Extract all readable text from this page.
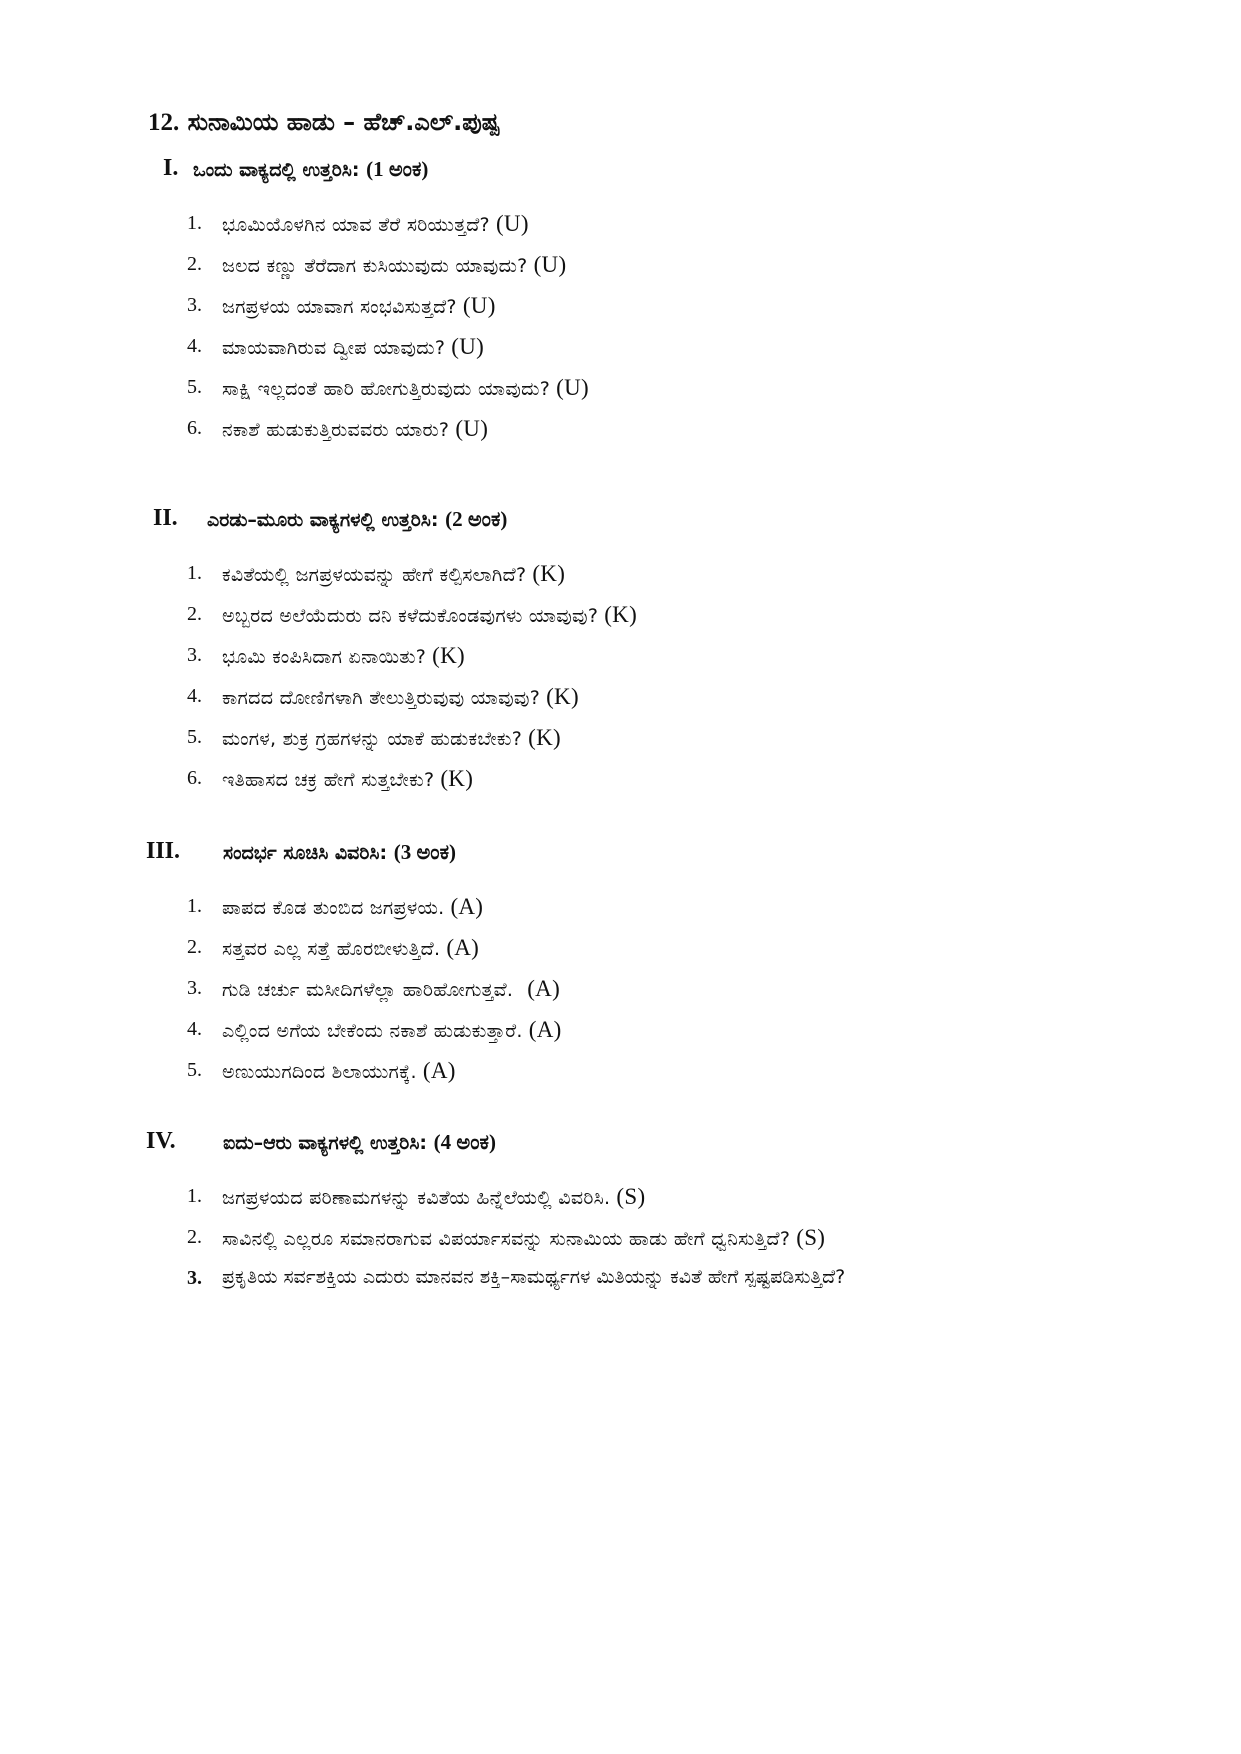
12. ಸುನಾಮಿಯ ಹಾಡು – ಹೆಚ್.ಎಲ್.ಪುಷ್ಪ
I. ಒಂದು ವಾಕ್ಯದಲ್ಲಿ ಉತ್ತರಿಸಿ: (1 ಅಂಕ)
1. ಭೂಮಿಯೊಳಗಿನ ಯಾವ ತೆರೆ ಸರಿಯುತ್ತದೆ? (U)
2. ಜಲದ ಕಣ್ಣು ತೆರೆದಾಗ ಕುಸಿಯುವುದು ಯಾವುದು? (U)
3. ಜಗಪ್ರಳಯ ಯಾವಾಗ ಸಂಭವಿಸುತ್ತದೆ? (U)
4. ಮಾಯವಾಗಿರುವ ದ್ವೀಪ ಯಾವುದು? (U)
5. ಸಾಕ್ಷಿ ಇಲ್ಲದಂತೆ ಹಾರಿ ಹೋಗುತ್ತಿರುವುದು ಯಾವುದು? (U)
6. ನಕಾಶೆ ಹುಡುಕುತ್ತಿರುವವರು ಯಾರು? (U)
II. ಎರಡು–ಮೂರು ವಾಕ್ಯಗಳಲ್ಲಿ ಉತ್ತರಿಸಿ: (2 ಅಂಕ)
1. ಕವಿತೆಯಲ್ಲಿ ಜಗಪ್ರಳಯವನ್ನು ಹೇಗೆ ಕಲ್ಪಿಸಲಾಗಿದೆ? (K)
2. ಅಬ್ಬರದ ಅಲೆಯೆದುರು ದನಿ ಕಳೆದುಕೊಂಡವುಗಳು ಯಾವುವು? (K)
3. ಭೂಮಿ ಕಂಪಿಸಿದಾಗ ಏನಾಯಿತು? (K)
4. ಕಾಗದದ ದೋಣಿಗಳಾಗಿ ತೇಲುತ್ತಿರುವುವು ಯಾವುವು? (K)
5. ಮಂಗಳ, ಶುಕ್ರ ಗ್ರಹಗಳನ್ನು ಯಾಕೆ ಹುಡುಕಬೇಕು? (K)
6. ಇತಿಹಾಸದ ಚಕ್ರ ಹೇಗೆ ಸುತ್ತಬೇಕು? (K)
III. ಸಂದರ್ಭ ಸೂಚಿಸಿ ವಿವರಿಸಿ: (3 ಅಂಕ)
1. ಪಾಪದ ಕೊಡ ತುಂಬಿದ ಜಗಪ್ರಳಯ. (A)
2. ಸತ್ತವರ ಎಲ್ಲ ಸತ್ತೆ ಹೊರಬೀಳುತ್ತಿದೆ. (A)
3. ಗುಡಿ ಚರ್ಚು ಮಸೀದಿಗಳೆಲ್ಲಾ ಹಾರಿಹೋಗುತ್ತವೆ. (A)
4. ಎಲ್ಲಿಂದ ಅಗೆಯ ಬೇಕೆಂದು ನಕಾಶೆ ಹುಡುಕುತ್ತಾರೆ. (A)
5. ಅಣುಯುಗದಿಂದ ಶಿಲಾಯುಗಕ್ಕೆ. (A)
IV. ಐದು–ಆರು ವಾಕ್ಯಗಳಲ್ಲಿ ಉತ್ತರಿಸಿ: (4 ಅಂಕ)
1. ಜಗಪ್ರಳಯದ ಪರಿಣಾಮಗಳನ್ನು ಕವಿತೆಯ ಹಿನ್ನೆಲೆಯಲ್ಲಿ ವಿವರಿಸಿ. (S)
2. ಸಾವಿನಲ್ಲಿ ಎಲ್ಲರೂ ಸಮಾನರಾಗುವ ವಿಪರ್ಯಾಸವನ್ನು ಸುನಾಮಿಯ ಹಾಡು ಹೇಗೆ ಧ್ವನಿಸುತ್ತಿದೆ? (S)
3. ಪ್ರಕೃತಿಯ ಸರ್ವಶಕ್ತಿಯ ಎದುರು ಮಾನವನ ಶಕ್ತಿ–ಸಾಮರ್ಥ್ಯಗಳ ಮಿತಿಯನ್ನು ಕವಿತೆ ಹೇಗೆ ಸ್ಪಷ್ಟಪಡಿಸುತ್ತಿದೆ?
